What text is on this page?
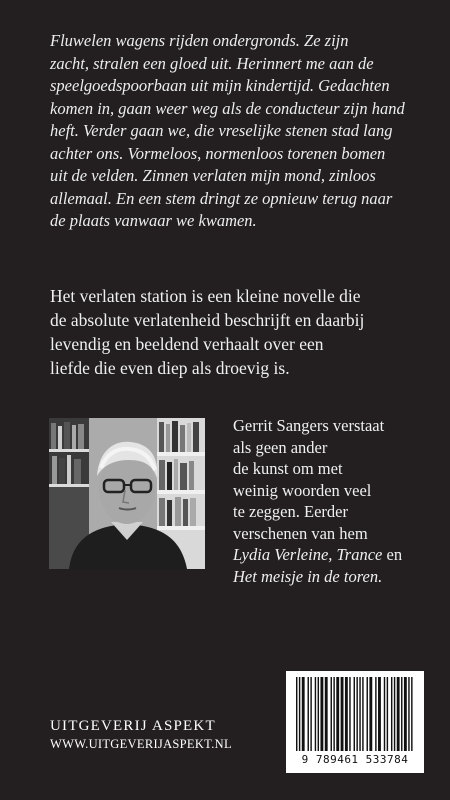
Fluwelen wagens rijden ondergronds. Ze zijn
zacht, stralen een gloed uit. Herinnert me aan de
speelgoedspoorbaan uit mijn kindertijd. Gedachten
komen in, gaan weer weg als de conducteur zijn hand
heft. Verder gaan we, die vreselijke stenen stad lang
achter ons. Vormeloos, normenloos torenen bomen
uit de velden. Zinnen verlaten mijn mond, zinloos
allemaal. En een stem dringt ze opnieuw terug naar
de plaats vanwaar we kwamen.
Het verlaten station is een kleine novelle die
de absolute verlatenheid beschrijft en daarbij
levendig en beeldend verhaalt over een
liefde die even diep als droevig is.
Gerrit Sangers verstaat
als geen ander
de kunst om met
weinig woorden veel
te zeggen. Eerder
verschenen van hem
Lydia Verleine, Trance en
Het meisje in de toren.
UITGEVERIJ ASPEKT
WWW.UITGEVERIJASPEKT.NL
9 789461 533784
